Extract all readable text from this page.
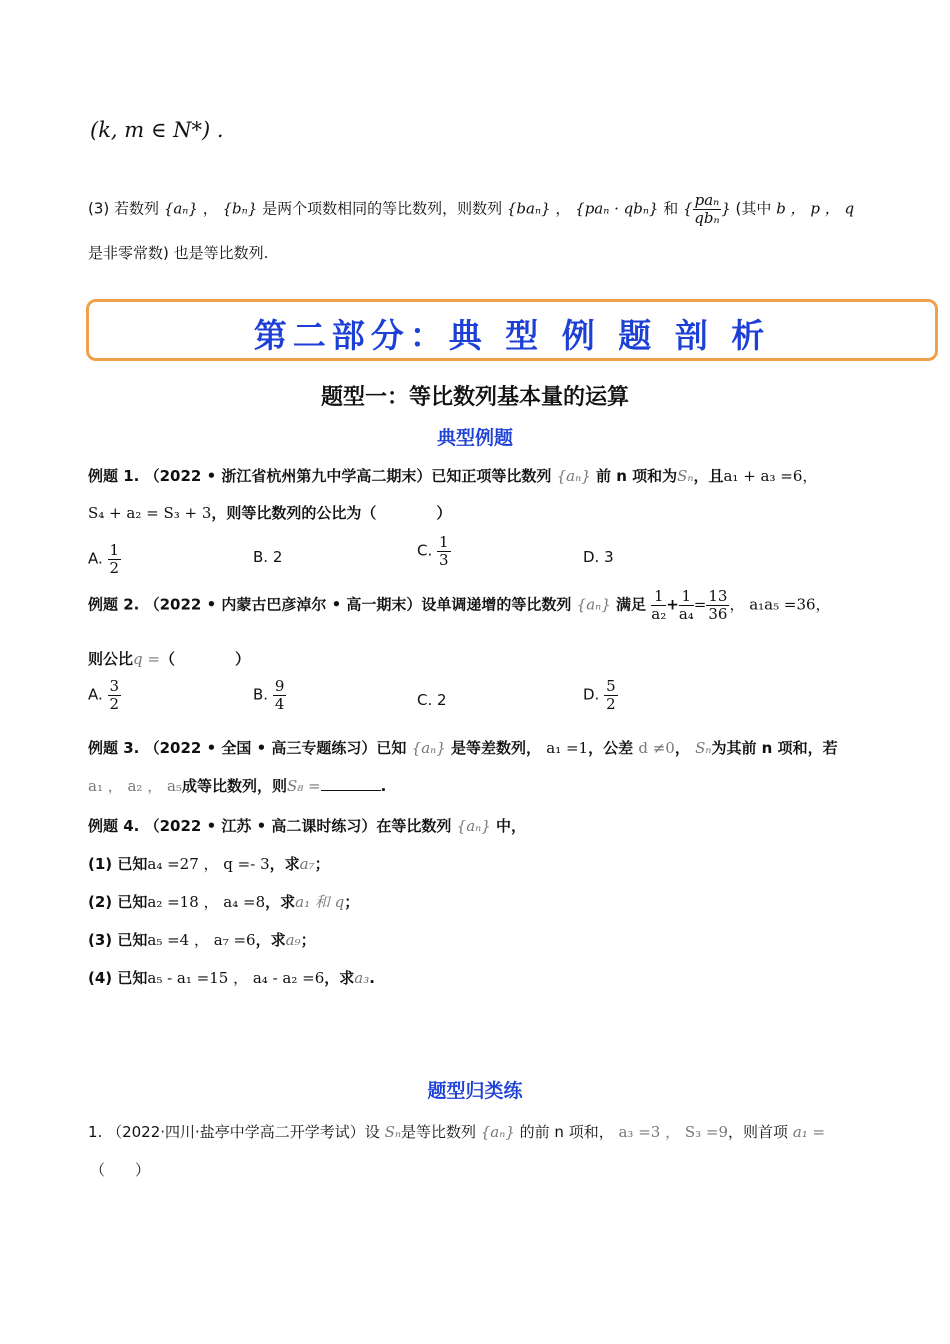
(k, m ∈ N*) .
(3) 若数列 {aₙ} ， {bₙ} 是两个项数相同的等比数列，则数列 {baₙ} ， {paₙ · qbₙ} 和 { $\frac{\text{paₙ}}{\text{qbₙ}}$ } (其中 b ， p ， q
是非零常数) 也是等比数列.
第二部分：典 型 例 题 剖 析
题型一：等比数列基本量的运算
典型例题
例题 1. （2022 • 浙江省杭州第九中学高二期末）已知正项等比数列 {aₙ} 前 n 项和为Sₙ，且a₁ + a₃ =6，
S₄ + a₂ = S₃ + 3，则等比数列的公比为（　　　　）
A. $\frac{1}{2}$	B. 2	C. $\frac{1}{3}$	D. 3
例题 2. （2022 • 内蒙古巴彦淖尔 • 高一期末）设单调递增的等比数列 {aₙ} 满足 $\frac{1}{\text{a₂}} + \frac{1}{\text{a₄}} = \frac{13}{36}$ ， a₁a₅ =36，
则公比q =（　　　　）
A. $\frac{3}{2}$	B. $\frac{9}{4}$	C. 2	D. $\frac{5}{2}$
例题 3. （2022 • 全国 • 高三专题练习）已知 {aₙ} 是等差数列， a₁ =1，公差 d ≠0， Sₙ为其前 n 项和，若
a₁ ， a₂ ， a₅成等比数列，则S₈ =	.
例题 4. （2022 • 江苏 • 高二课时练习）在等比数列 {aₙ} 中，
(1) 已知a₄ =27 ， q =- 3，求a₇；
(2) 已知a₂ =18 ， a₄ =8，求a₁ 和 q；
(3) 已知a₅ =4 ， a₇ =6，求a₉；
(4) 已知a₅ - a₁ =15 ， a₄ - a₂ =6，求a₃.
题型归类练
1. （2022·四川·盐亭中学高二开学考试）设 Sₙ是等比数列 {aₙ} 的前 n 项和， a₃ =3 ， S₃ =9，则首项 a₁ =
（　　）
